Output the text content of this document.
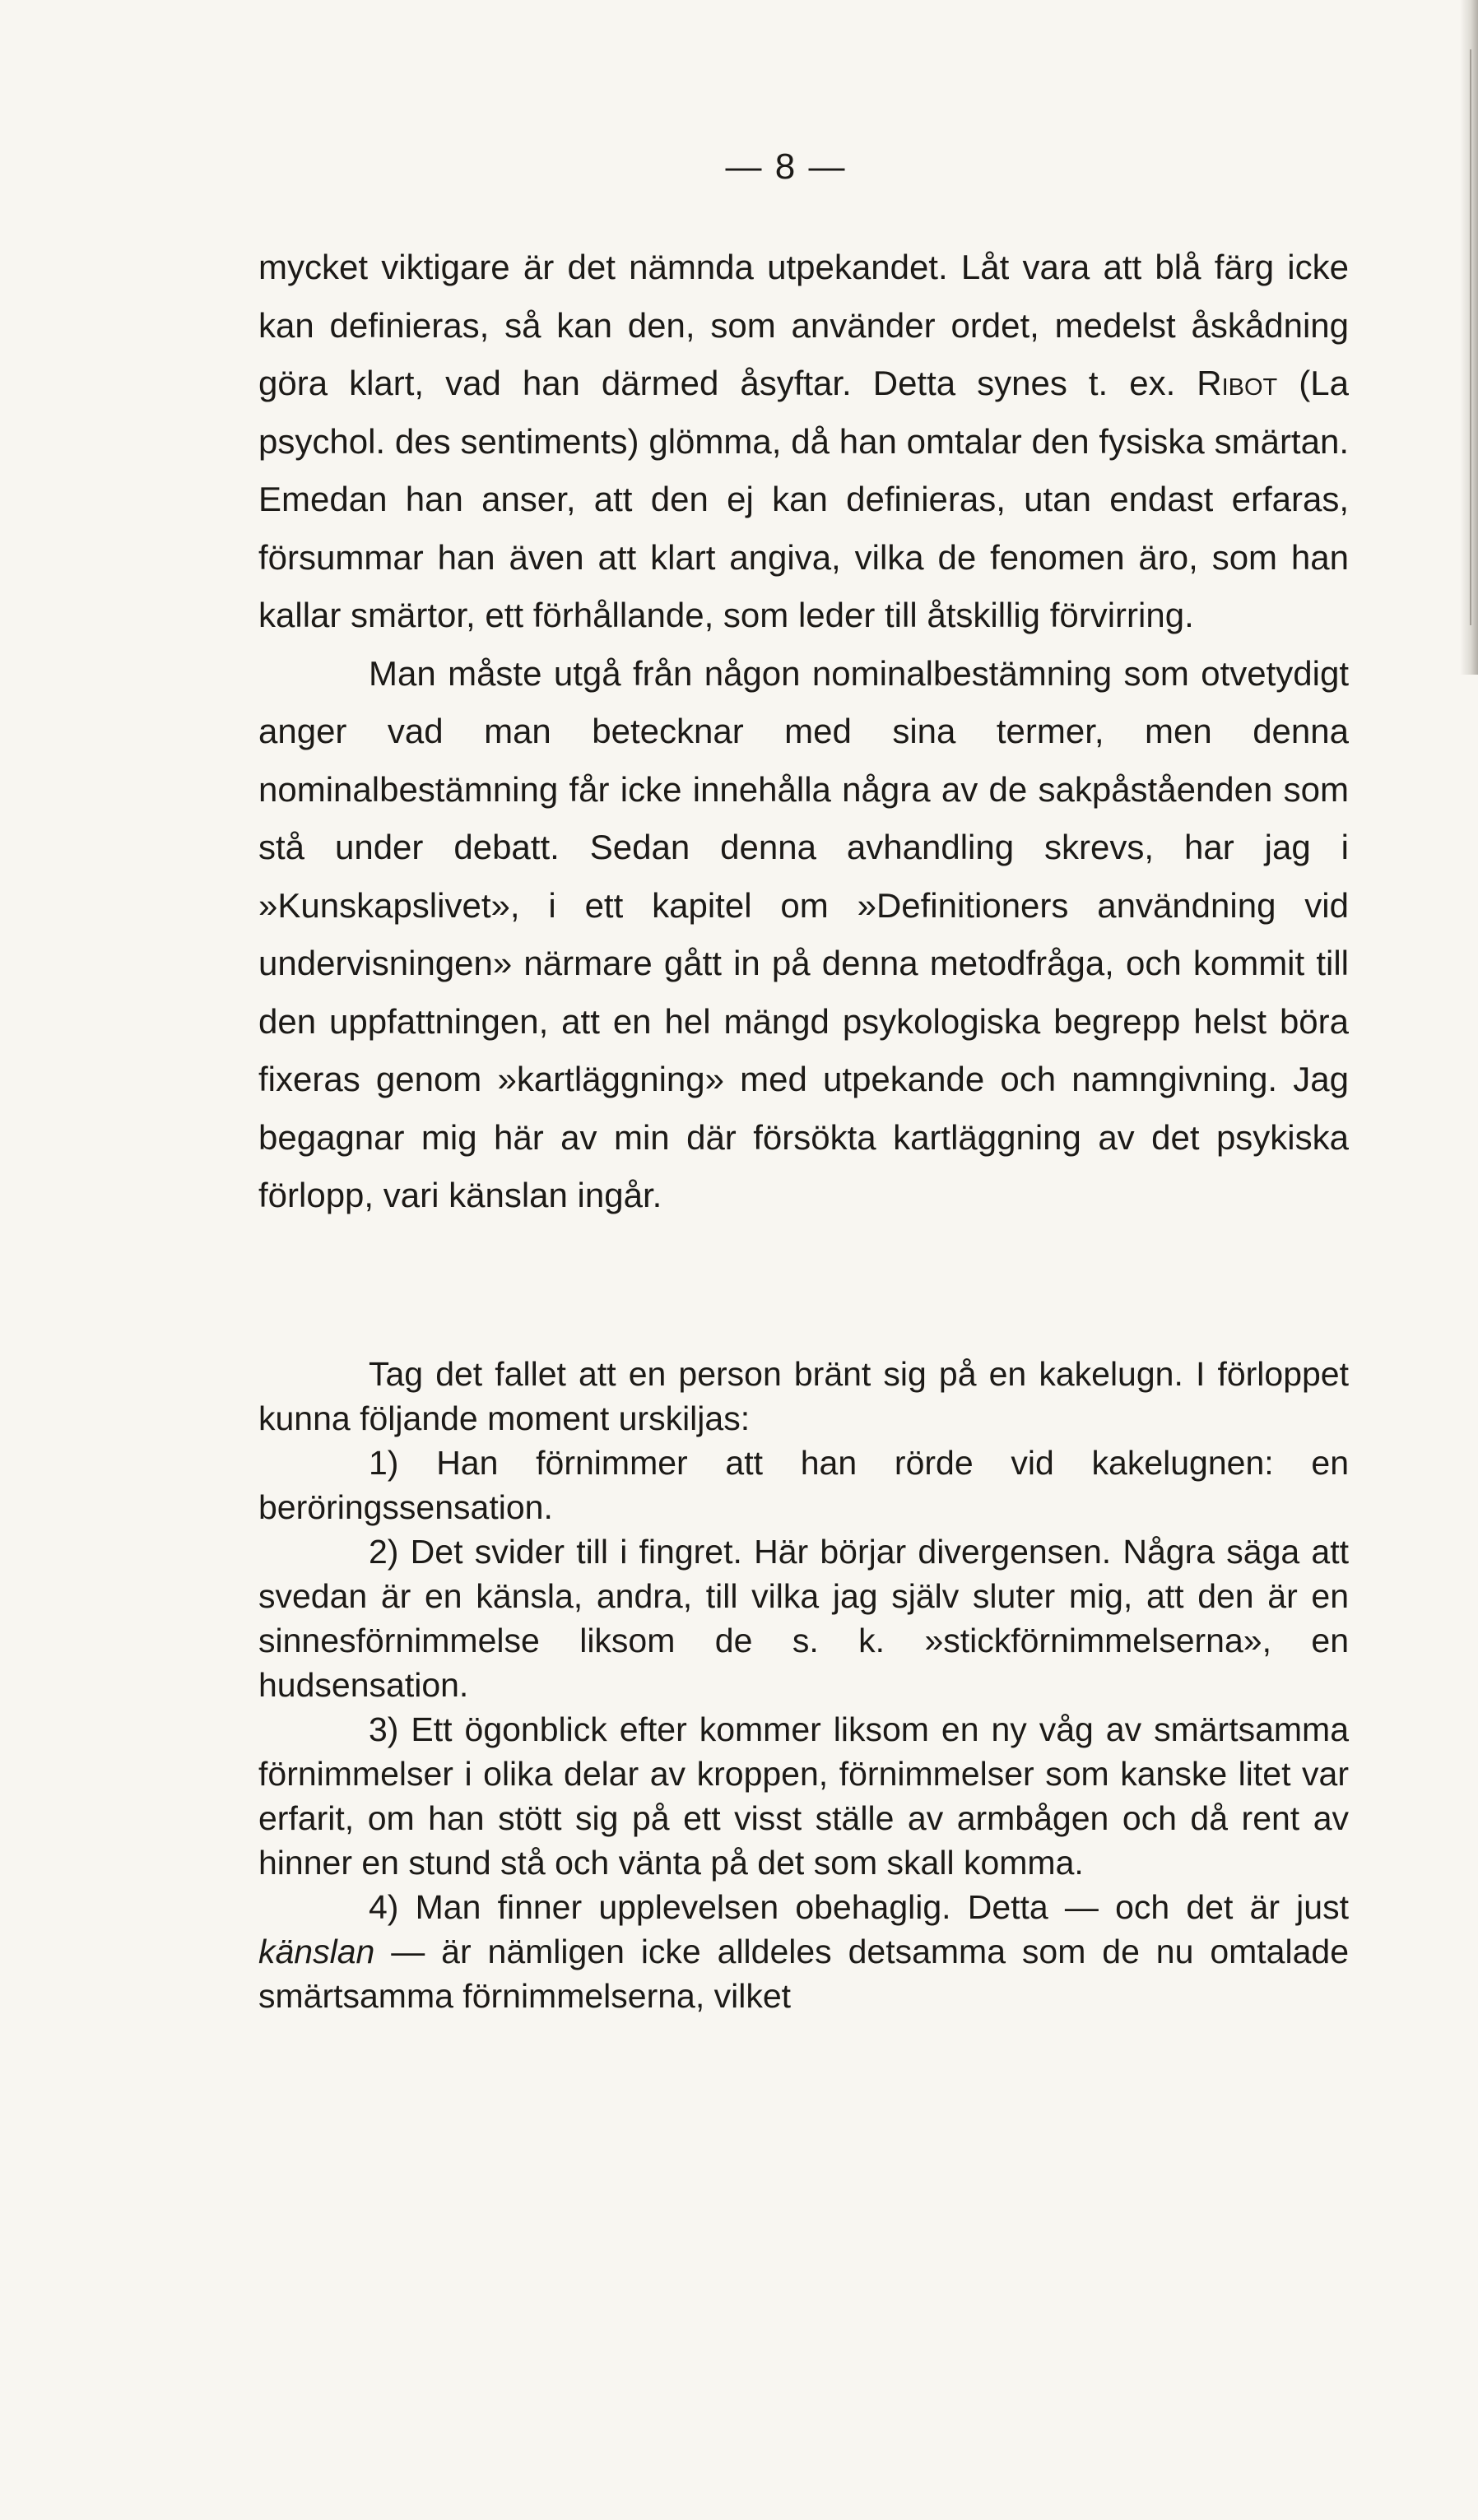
— 8 —

mycket viktigare är det nämnda utpekandet. Låt vara att blå färg icke kan definieras, så kan den, som använder ordet, medelst åskådning göra klart, vad han därmed åsyftar. Detta synes t. ex. Ribot (La psychol. des sentiments) glömma, då han omtalar den fysiska smärtan. Emedan han anser, att den ej kan definieras, utan endast erfaras, försummar han även att klart angiva, vilka de fenomen äro, som han kallar smärtor, ett förhållande, som leder till åtskillig förvirring.

Man måste utgå från någon nominalbestämning som otvetydigt anger vad man betecknar med sina termer, men denna nominalbestämning får icke innehålla några av de sakpåståenden som stå under debatt. Sedan denna avhandling skrevs, har jag i »Kunskapslivet», i ett kapitel om »Definitioners användning vid undervisningen» närmare gått in på denna metodfråga, och kommit till den uppfattningen, att en hel mängd psykologiska begrepp helst böra fixeras genom »kartläggning» med utpekande och namngivning. Jag begagnar mig här av min där försökta kartläggning av det psykiska förlopp, vari känslan ingår.

Tag det fallet att en person bränt sig på en kakelugn. I förloppet kunna följande moment urskiljas:

1) Han förnimmer att han rörde vid kakelugnen: en beröringssensation.

2) Det svider till i fingret. Här börjar divergensen. Några säga att svedan är en känsla, andra, till vilka jag själv sluter mig, att den är en sinnesförnimmelse liksom de s. k. »stickförnimmelserna», en hudsensation.

3) Ett ögonblick efter kommer liksom en ny våg av smärtsamma förnimmelser i olika delar av kroppen, förnimmelser som kanske litet var erfarit, om han stött sig på ett visst ställe av armbågen och då rent av hinner en stund stå och vänta på det som skall komma.

4) Man finner upplevelsen obehaglig. Detta — och det är just känslan — är nämligen icke alldeles detsamma som de nu omtalade smärtsamma förnimmelserna, vilket
